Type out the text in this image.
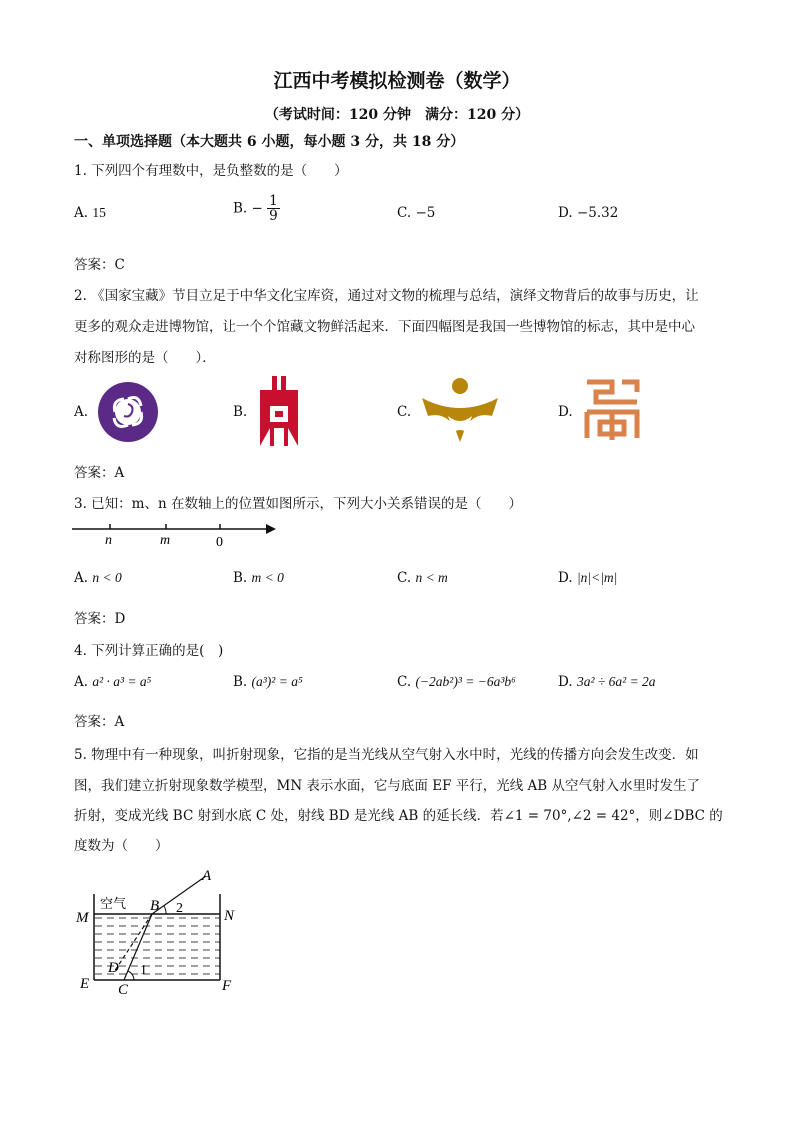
江西中考模拟检测卷（数学）
（考试时间：120 分钟　满分：120 分）
一、单项选择题（本大题共 6 小题，每小题 3 分，共 18 分）
1. 下列四个有理数中，是负整数的是（　　）
A. 15	B. − $\frac{1}{9}$	C. −5	D. −5.32
答案：C
2. 《国家宝藏》节目立足于中华文化宝库资，通过对文物的梳理与总结，演绎文物背后的故事与历史，让
更多的观众走进博物馆，让一个个馆藏文物鲜活起来．下面四幅图是我国一些博物馆的标志，其中是中心
对称图形的是（　　）．
A.	B.	C.	D.
答案：A
3. 已知：m、n 在数轴上的位置如图所示，下列大小关系错误的是（　　）
n	m	0
A. n < 0	B. m < 0	C. n < m	D. |n|<|m|
答案：D
4. 下列计算正确的是(　)
A. a² · a³ = a⁵	B. (a³)² = a⁵	C. (−2ab²)³ = −6a³b⁶	D. 3a² ÷ 6a² = 2a
答案：A
5. 物理中有一种现象，叫折射现象，它指的是当光线从空气射入水中时，光线的传播方向会发生改变．如
图，我们建立折射现象数学模型，MN 表示水面，它与底面 EF 平行，光线 AB 从空气射入水里时发生了
折射，变成光线 BC 射到水底 C 处，射线 BD 是光线 AB 的延长线．若∠1 = 70°,∠2 = 42°，则∠DBC 的
度数为（　　）
空气
A
B 2
M	N
D 1
E C	F
